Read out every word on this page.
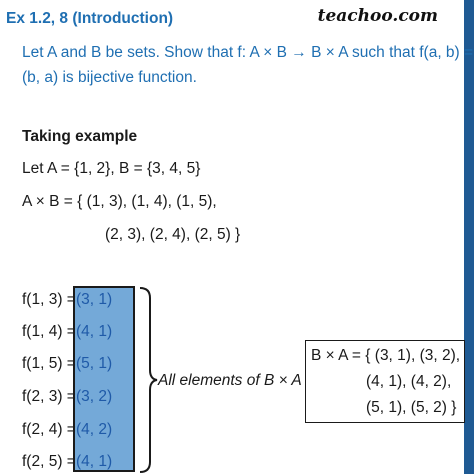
Ex 1.2, 8 (Introduction)	teachoo.com
Let A and B be sets. Show that f: A × B → B × A such that f(a, b) =
(b, a) is bijective function.
Taking example
Let A = {1, 2}, B = {3, 4, 5}
A × B = { (1, 3), (1, 4), (1, 5),
(2, 3), (2, 4), (2, 5) }
f(1, 3) = (3, 1)
f(1, 4) = (4, 1)
f(1, 5) = (5, 1)
f(2, 3) = (3, 2)
f(2, 4) = (4, 2)
f(2, 5) = (4, 1)
All elements of B × A
B × A = { (3, 1), (3, 2),
(4, 1), (4, 2),
(5, 1), (5, 2) }
